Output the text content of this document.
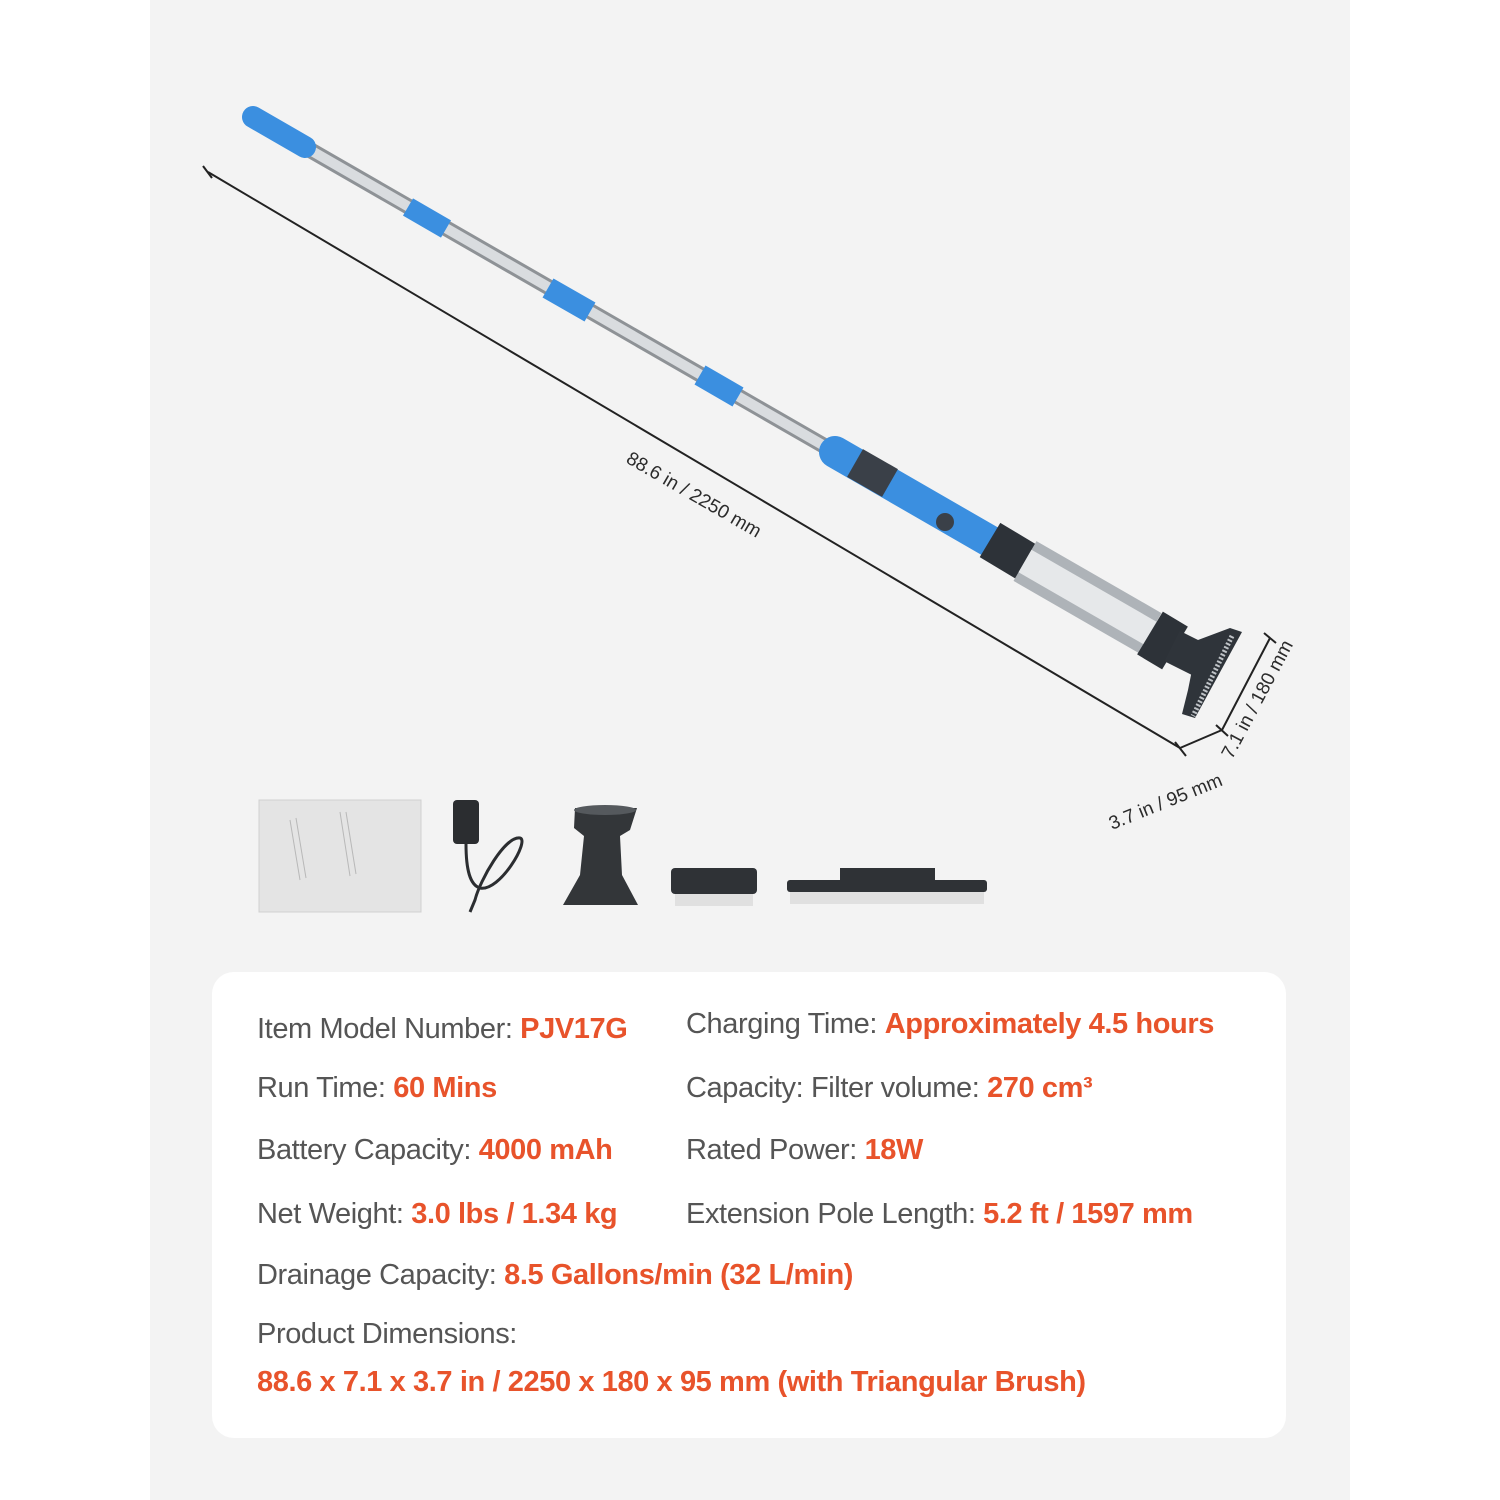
88.6 in / 2250 mm
7.1 in / 180 mm
3.7 in / 95 mm
Item Model Number: PJV17G Charging Time: Approximately 4.5 hours
Run Time: 60 Mins	Capacity: Filter volume: 270 cm³
Battery Capacity: 4000 mAh	Rated Power: 18W
Net Weight: 3.0 lbs / 1.34 kg Extension Pole Length: 5.2 ft / 1597 mm
Drainage Capacity: 8.5 Gallons/min (32 L/min)
Product Dimensions:
88.6 x 7.1 x 3.7 in / 2250 x 180 x 95 mm (with Triangular Brush)
